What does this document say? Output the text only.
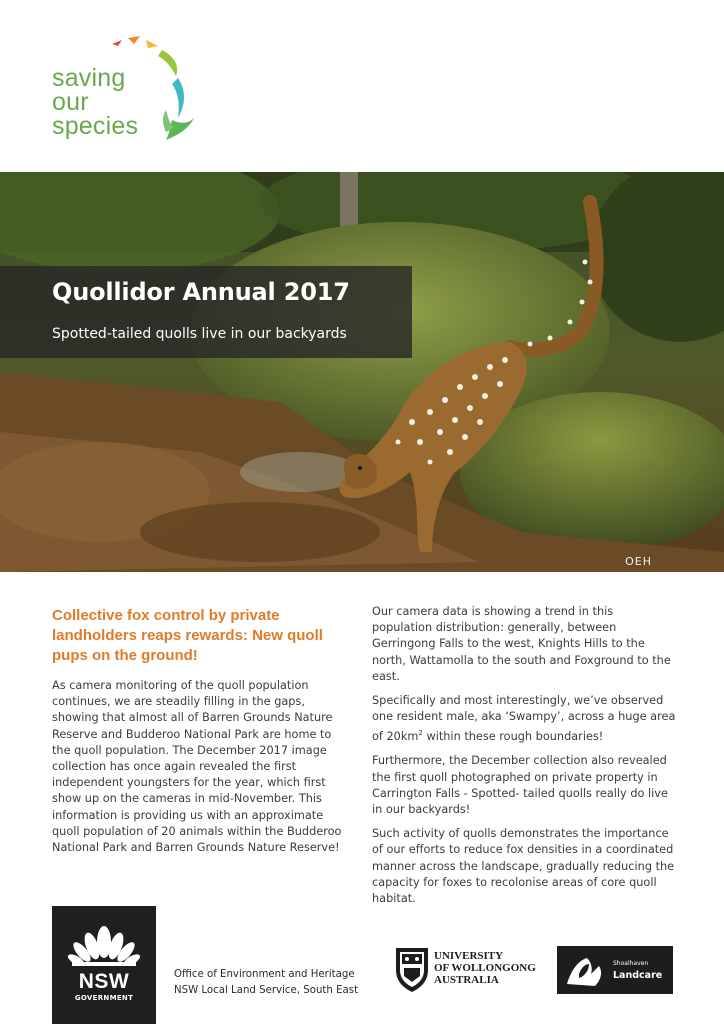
saving
our
species
Quollidor Annual 2017
Spotted-tailed quolls live in our backyards
OEH
Collective fox control by private landholders reaps rewards: New quoll pups on the ground!

As camera monitoring of the quoll population continues, we are steadily filling in the gaps, showing that almost all of Barren Grounds Nature Reserve and Budderoo National Park are home to the quoll population. The December 2017 image collection has once again revealed the first independent youngsters for the year, which first show up on the cameras in mid-November. This information is providing us with an approximate quoll population of 20 animals within the Budderoo National Park and Barren Grounds Nature Reserve!

Our camera data is showing a trend in this population distribution: generally, between Gerringong Falls to the west, Knights Hills to the north, Wattamolla to the south and Foxground to the east.

Specifically and most interestingly, we’ve observed one resident male, aka ‘Swampy’, across a huge area of $20km^2$ within these rough boundaries!

Furthermore, the December collection also revealed the first quoll photographed on private property in Carrington Falls - Spotted- tailed quolls really do live in our backyards!

Such activity of quolls demonstrates the importance of our efforts to reduce fox densities in a coordinated manner across the landscape, gradually reducing the capacity for foxes to recolonise areas of core quoll habitat.

NSW
GOVERNMENT
Office of Environment and Heritage
NSW Local Land Service, South East
UNIVERSITY
OF WOLLONGONG
AUSTRALIA
Shoalhaven
Landcare
